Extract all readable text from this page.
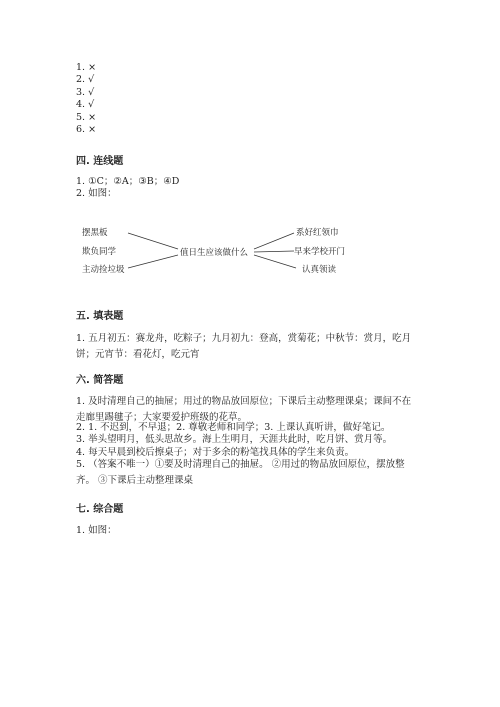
1. ×
2. √
3. √
4. √
5. ×
6. ×
四. 连线题
1. ①C；②A；③B；④D
2. 如图：
摆黑板
欺负同学
主动捡垃圾
值日生应该做什么
系好红领巾
早来学校开门
认真领读
五. 填表题
1. 五月初五：赛龙舟，吃粽子；九月初九：登高，赏菊花；中秋节：赏月，吃月饼；元宵节：看花灯，吃元宵
六. 简答题
1. 及时清理自己的抽屉；用过的物品放回原位；下课后主动整理课桌；课间不在走廊里踢毽子；大家要爱护班级的花草。
2. 1. 不迟到，不早退；2. 尊敬老师和同学；3. 上课认真听讲，做好笔记。
3. 举头望明月，低头思故乡。海上生明月，天涯共此时，吃月饼、赏月等。
4. 每天早晨到校后擦桌子；对于多余的粉笔找具体的学生来负责。
5. （答案不唯一）①要及时清理自己的抽屉。 ②用过的物品放回原位，摆放整齐。 ③下课后主动整理课桌
七. 综合题
1. 如图：
